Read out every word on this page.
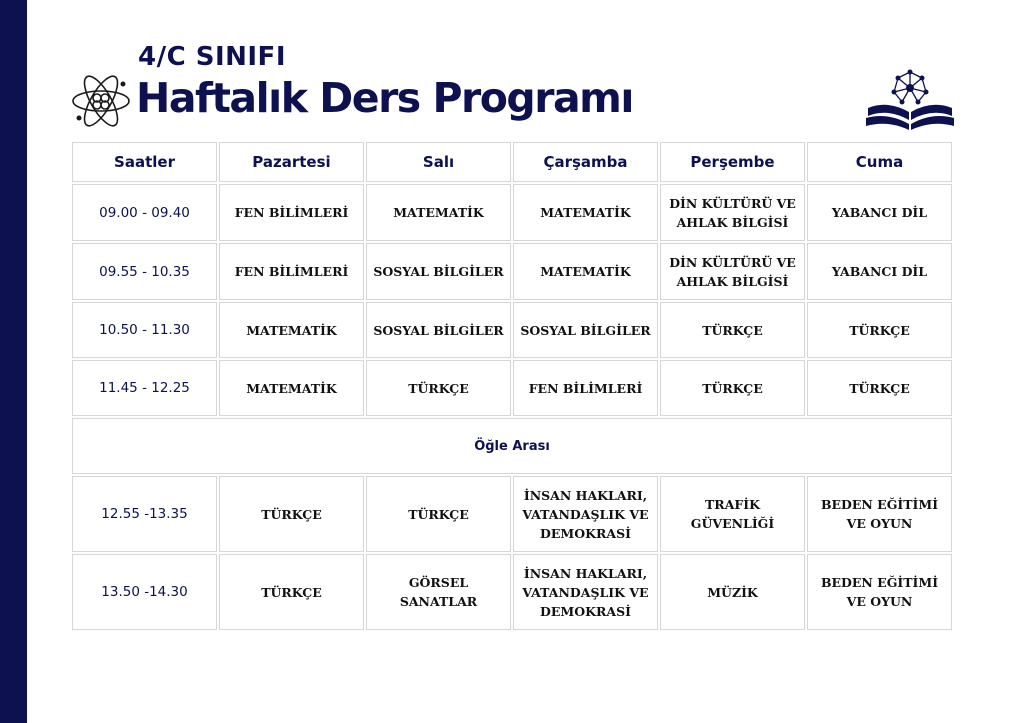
4/C SINIFI
Haftalık Ders Programı
Saatler	Pazartesi	Salı	Çarşamba	Perşembe	Cuma
09.00 - 09.40	FEN BİLİMLERİ	MATEMATİK	MATEMATİK	DİN KÜLTÜRÜ VE AHLAK BİLGİSİ	YABANCI DİL
09.55 - 10.35	FEN BİLİMLERİ	SOSYAL BİLGİLER	MATEMATİK	DİN KÜLTÜRÜ VE AHLAK BİLGİSİ	YABANCI DİL
10.50 - 11.30	MATEMATİK	SOSYAL BİLGİLER	SOSYAL BİLGİLER	TÜRKÇE	TÜRKÇE
11.45 - 12.25	MATEMATİK	TÜRKÇE	FEN BİLİMLERİ	TÜRKÇE	TÜRKÇE
Öğle Arası					
12.55 -13.35	TÜRKÇE	TÜRKÇE	İNSAN HAKLARI, VATANDAŞLIK VE DEMOKRASİ	TRAFİK GÜVENLİĞİ	BEDEN EĞİTİMİ VE OYUN
13.50 -14.30	TÜRKÇE	GÖRSEL SANATLAR	İNSAN HAKLARI, VATANDAŞLIK VE DEMOKRASİ	MÜZİK	BEDEN EĞİTİMİ VE OYUN
